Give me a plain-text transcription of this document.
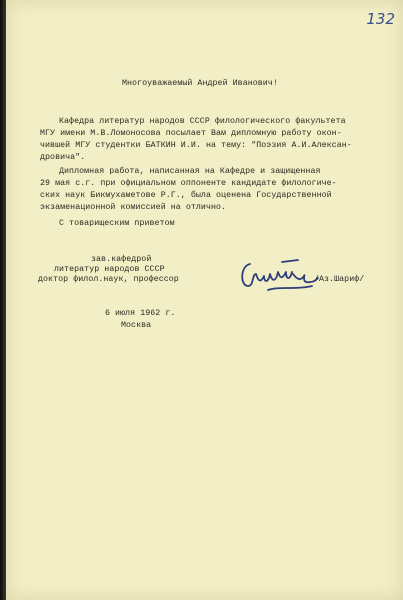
132
Многоуважаемый Андрей Иванович!
Кафедра литератур народов СССР филологического факультета
МГУ имени М.В.Ломоносова посылает Вам дипломную работу окон-
чившей МГУ студентки БАТКИН И.И. на тему: "Поэзия А.И.Алексан-
дровича".
Дипломная работа, написанная на Кафедре и защищенная
29 мая с.г. при официальном оппоненте кандидате филологиче-
ских наук Бикмухаметове Р.Г., была оценена Государственной
экзаменационной комиссией на отлично.
С товарищеским приветом
зав.кафедрой
литератур народов СССР
доктор филол.наук, профессор	/Аз.Шариф/
6 июля 1962 г.
Москва
